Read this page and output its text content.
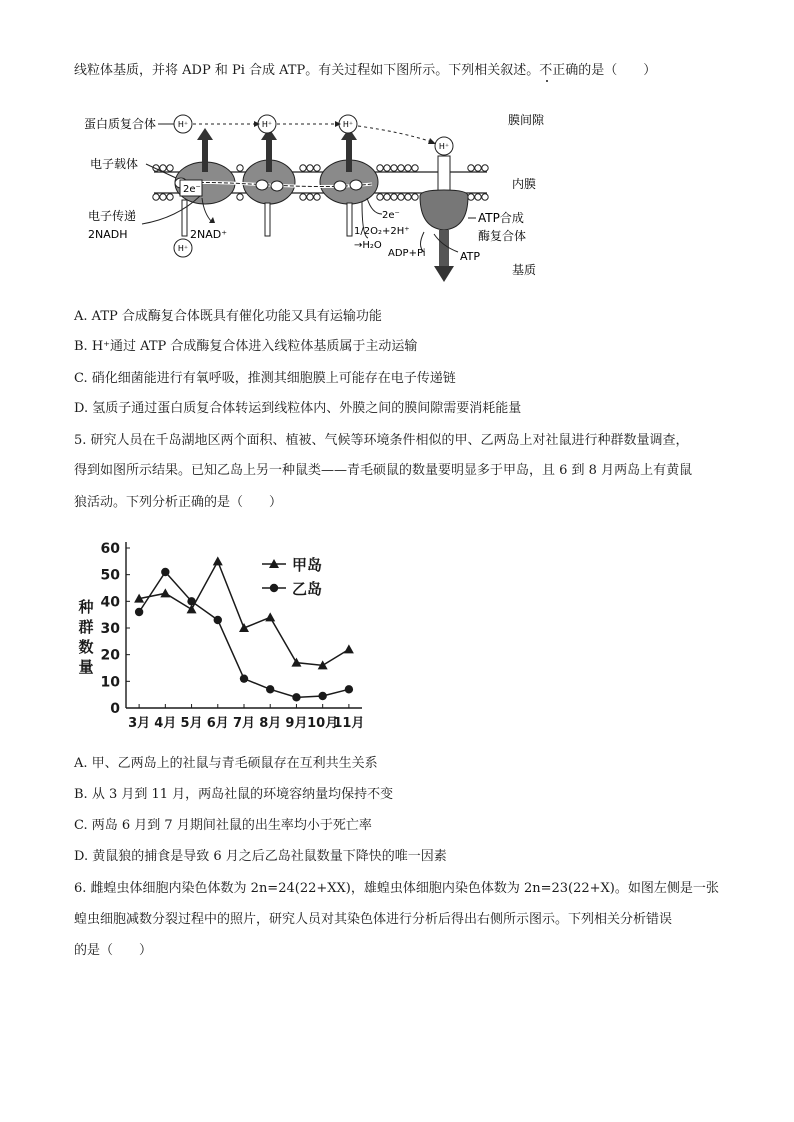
线粒体基质，并将 ADP 和 Pi 合成 ATP。有关过程如下图所示。下列相关叙述。不正确的是（　　）
2e⁻
H⁺	H⁺	H⁺
H⁺
H⁺
蛋白质复合体
电子载体
电子传递
2NADH	2NAD⁺
2e⁻
1/2O₂+2H⁺
→H₂O
ADP+Pi	ATP
ATP合成
酶复合体
膜间隙
内膜
基质
A. ATP 合成酶复合体既具有催化功能又具有运输功能
B. H⁺通过 ATP 合成酶复合体进入线粒体基质属于主动运输
C. 硝化细菌能进行有氧呼吸，推测其细胞膜上可能存在电子传递链
D. 氢质子通过蛋白质复合体转运到线粒体内、外膜之间的膜间隙需要消耗能量
5. 研究人员在千岛湖地区两个面积、植被、气候等环境条件相似的甲、乙两岛上对社鼠进行种群数量调查，
得到如图所示结果。已知乙岛上另一种鼠类——青毛硕鼠的数量要明显多于甲岛，且 6 到 8 月两岛上有黄鼠
狼活动。下列分析正确的是（　　）
0
10
20
30
40
50
60
3月 4月 5月 6月 7月 8月 9月 10月
11月
种
群
数
量
甲岛
乙岛
A. 甲、乙两岛上的社鼠与青毛硕鼠存在互利共生关系
B. 从 3 月到 11 月，两岛社鼠的环境容纳量均保持不变
C. 两岛 6 月到 7 月期间社鼠的出生率均小于死亡率
D. 黄鼠狼的捕食是导致 6 月之后乙岛社鼠数量下降快的唯一因素
6. 雌蝗虫体细胞内染色体数为 2n=24(22+XX)，雄蝗虫体细胞内染色体数为 2n=23(22+X)。如图左侧是一张
蝗虫细胞减数分裂过程中的照片，研究人员对其染色体进行分析后得出右侧所示图示。下列相关分析错误
的是（　　）
